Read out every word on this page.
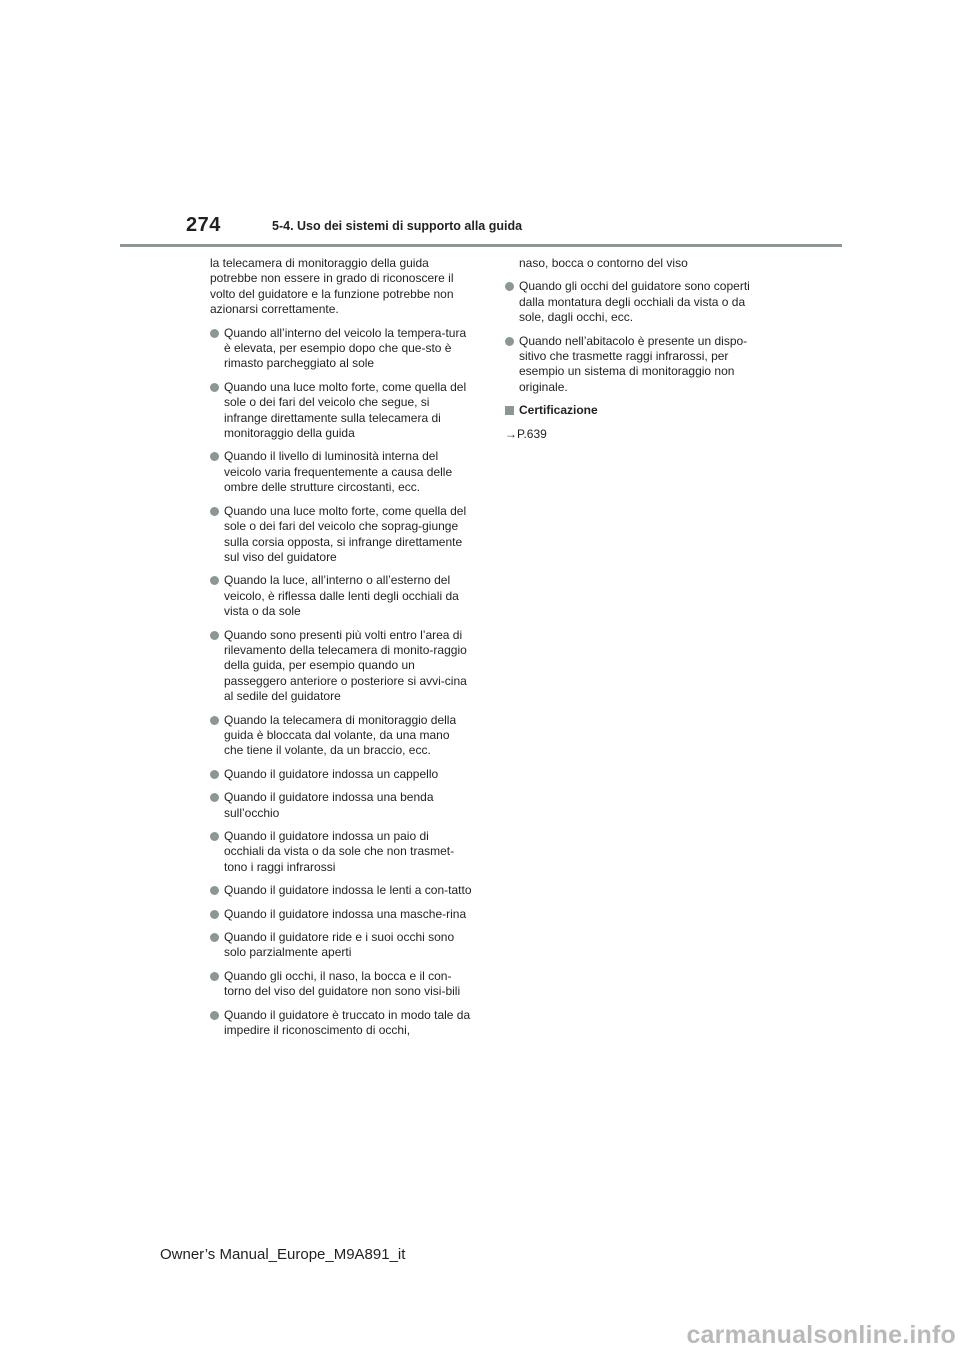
274	5-4. Uso dei sistemi di supporto alla guida

la telecamera di monitoraggio della guida potrebbe non essere in grado di riconoscere il volto del guidatore e la funzione potrebbe non azionarsi correttamente.

Quando all’interno del veicolo la tempera-tura è elevata, per esempio dopo che que-sto è rimasto parcheggiato al sole
Quando una luce molto forte, come quella del sole o dei fari del veicolo che segue, si infrange direttamente sulla telecamera di monitoraggio della guida
Quando il livello di luminosità interna del veicolo varia frequentemente a causa delle ombre delle strutture circostanti, ecc.
Quando una luce molto forte, come quella del sole o dei fari del veicolo che soprag-giunge sulla corsia opposta, si infrange direttamente sul viso del guidatore
Quando la luce, all’interno o all’esterno del veicolo, è riflessa dalle lenti degli occhiali da vista o da sole
Quando sono presenti più volti entro l’area di rilevamento della telecamera di monito-raggio della guida, per esempio quando un passeggero anteriore o posteriore si avvi-cina al sedile del guidatore
Quando la telecamera di monitoraggio della guida è bloccata dal volante, da una mano che tiene il volante, da un braccio, ecc.
Quando il guidatore indossa un cappello
Quando il guidatore indossa una benda sull’occhio
Quando il guidatore indossa un paio di occhiali da vista o da sole che non trasmet-tono i raggi infrarossi
Quando il guidatore indossa le lenti a con-tatto
Quando il guidatore indossa una masche-rina
Quando il guidatore ride e i suoi occhi sono solo parzialmente aperti
Quando gli occhi, il naso, la bocca e il con-torno del viso del guidatore non sono visi-bili
Quando il guidatore è truccato in modo tale da impedire il riconoscimento di occhi,

naso, bocca o contorno del viso

Quando gli occhi del guidatore sono coperti dalla montatura degli occhiali da vista o da sole, dagli occhi, ecc.
Quando nell’abitacolo è presente un dispo-sitivo che trasmette raggi infrarossi, per esempio un sistema di monitoraggio non originale.
Certificazione

→P.639

Owner’s Manual_Europe_M9A891_it
carmanualsonline.info
